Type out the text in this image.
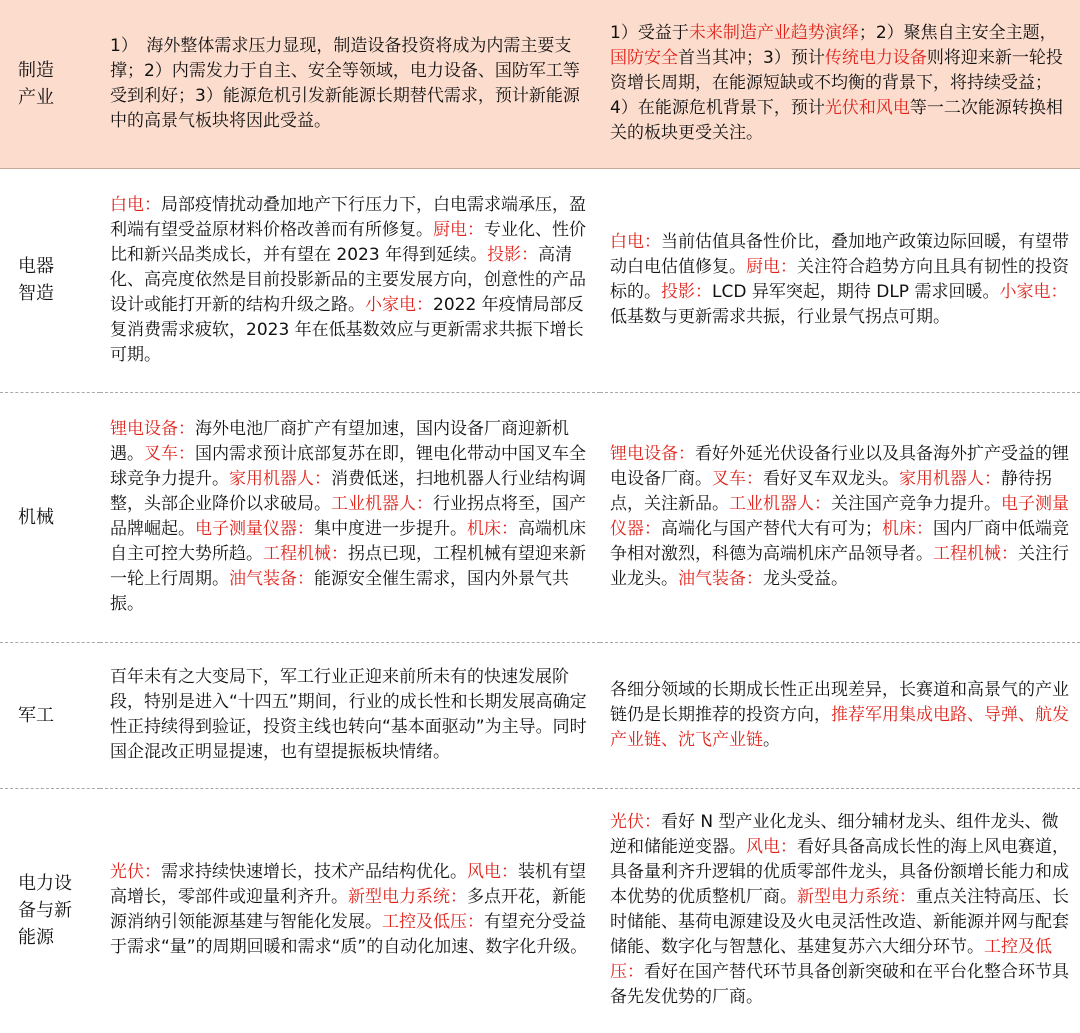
制造
产业	1）　海外整体需求压力显现，制造设备投资将成为内需主要支撑；2）内需发力于自主、安全等领域，电力设备、国防军工等受到利好；3）能源危机引发新能源长期替代需求，预计新能源中的高景气板块将因此受益。	1）受益于未来制造产业趋势演绎；2）聚焦自主安全主题，国防安全首当其冲；3）预计传统电力设备则将迎来新一轮投资增长周期，在能源短缺或不均衡的背景下，将持续受益；4）在能源危机背景下，预计光伏和风电等一二次能源转换相关的板块更受关注。
电器
智造	白电：局部疫情扰动叠加地产下行压力下，白电需求端承压，盈利端有望受益原材料价格改善而有所修复。厨电：专业化、性价比和新兴品类成长，并有望在 2023 年得到延续。投影：高清化、高亮度依然是目前投影新品的主要发展方向，创意性的产品设计或能打开新的结构升级之路。小家电：2022 年疫情局部反复消费需求疲软，2023 年在低基数效应与更新需求共振下增长可期。	白电：当前估值具备性价比，叠加地产政策边际回暖，有望带动白电估值修复。厨电：关注符合趋势方向且具有韧性的投资标的。投影：LCD 异军突起，期待 DLP 需求回暖。小家电：低基数与更新需求共振，行业景气拐点可期。
机械	锂电设备：海外电池厂商扩产有望加速，国内设备厂商迎新机遇。叉车：国内需求预计底部复苏在即，锂电化带动中国叉车全球竞争力提升。家用机器人：消费低迷，扫地机器人行业结构调整，头部企业降价以求破局。工业机器人：行业拐点将至，国产品牌崛起。电子测量仪器：集中度进一步提升。机床：高端机床自主可控大势所趋。工程机械：拐点已现，工程机械有望迎来新一轮上行周期。油气装备：能源安全催生需求，国内外景气共振。	锂电设备：看好外延光伏设备行业以及具备海外扩产受益的锂电设备厂商。叉车：看好叉车双龙头。家用机器人：静待拐点，关注新品。工业机器人：关注国产竞争力提升。电子测量仪器：高端化与国产替代大有可为；机床：国内厂商中低端竞争相对激烈，科德为高端机床产品领导者。工程机械：关注行业龙头。油气装备：龙头受益。
军工	百年未有之大变局下，军工行业正迎来前所未有的快速发展阶段，特别是进入“十四五”期间，行业的成长性和长期发展高确定性正持续得到验证，投资主线也转向“基本面驱动”为主导。同时国企混改正明显提速，也有望提振板块情绪。	各细分领域的长期成长性正出现差异，长赛道和高景气的产业链仍是长期推荐的投资方向，推荐军用集成电路、导弹、航发产业链、沈飞产业链。
电力设
备与新
能源	光伏：需求持续快速增长，技术产品结构优化。风电：装机有望高增长，零部件或迎量利齐升。新型电力系统：多点开花，新能源消纳引领能源基建与智能化发展。工控及低压：有望充分受益于需求“量”的周期回暖和需求“质”的自动化加速、数字化升级。	光伏：看好 N 型产业化龙头、细分辅材龙头、组件龙头、微逆和储能逆变器。风电：看好具备高成长性的海上风电赛道，具备量利齐升逻辑的优质零部件龙头，具备份额增长能力和成本优势的优质整机厂商。新型电力系统：重点关注特高压、长时储能、基荷电源建设及火电灵活性改造、新能源并网与配套储能、数字化与智慧化、基建复苏六大细分环节。工控及低压：看好在国产替代环节具备创新突破和在平台化整合环节具备先发优势的厂商。
